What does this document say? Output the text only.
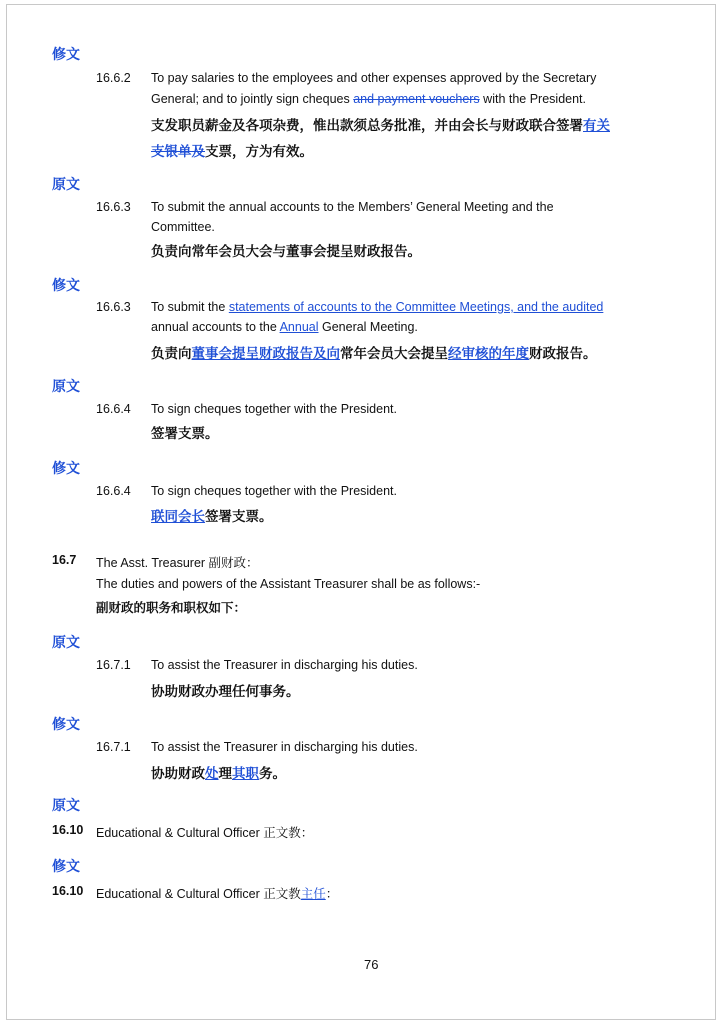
修文
16.6.2 To pay salaries to the employees and other expenses approved by the Secretary
General; and to jointly sign cheques and payment vouchers with the President.
支发职员薪金及各项杂费，惟出款须总务批准，并由会长与财政联合签署有关
支银单及支票，方为有效。
原文
16.6.3 To submit the annual accounts to the Members’ General Meeting and the
Committee.
负责向常年会员大会与董事会提呈财政报告。
修文
16.6.3 To submit the statements of accounts to the Committee Meetings, and the audited
annual accounts to the Annual General Meeting.
负责向董事会提呈财政报告及向常年会员大会提呈经审核的年度财政报告。
原文
16.6.4 To sign cheques together with the President.
签署支票。
修文
16.6.4 To sign cheques together with the President.
联同会长签署支票。
16.7 The Asst. Treasurer 副财政：
The duties and powers of the Assistant Treasurer shall be as follows:-
副财政的职务和职权如下：
原文
16.7.1 To assist the Treasurer in discharging his duties.
协助财政办理任何事务。
修文
16.7.1 To assist the Treasurer in discharging his duties.
协助财政处理其职务。
原文
16.10 Educational & Cultural Officer 正文教：
修文
16.10 Educational & Cultural Officer 正文教主任：
76
